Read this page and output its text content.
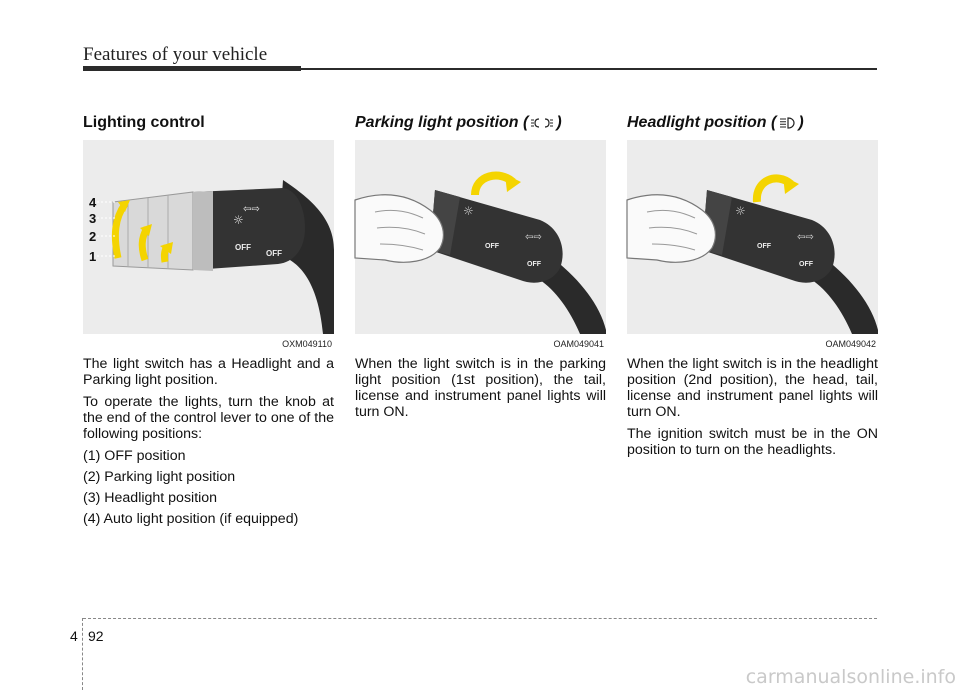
Features of your vehicle
Lighting control
☼
⇦⇨
OFF
OFF
4
3
2
1
OXM049110

The light switch has a Headlight and a Parking light position.

To operate the lights, turn the knob at the end of the control lever to one of the following positions:

(1) OFF position

(2) Parking light position

(3) Headlight position

(4) Auto light position (if equipped)

Parking light position ( )
☼
⇦⇨
OFF
OFF
OAM049041

When the light switch is in the parking light position (1st position), the tail, license and instrument panel lights will turn ON.

Headlight position ( )
☼
⇦⇨
OFF
OFF
OAM049042

When the light switch is in the headlight position (2nd position), the head, tail, license and instrument panel lights will turn ON.

The ignition switch must be in the ON position to turn on the headlights.

4 92
carmanualsonline.info
